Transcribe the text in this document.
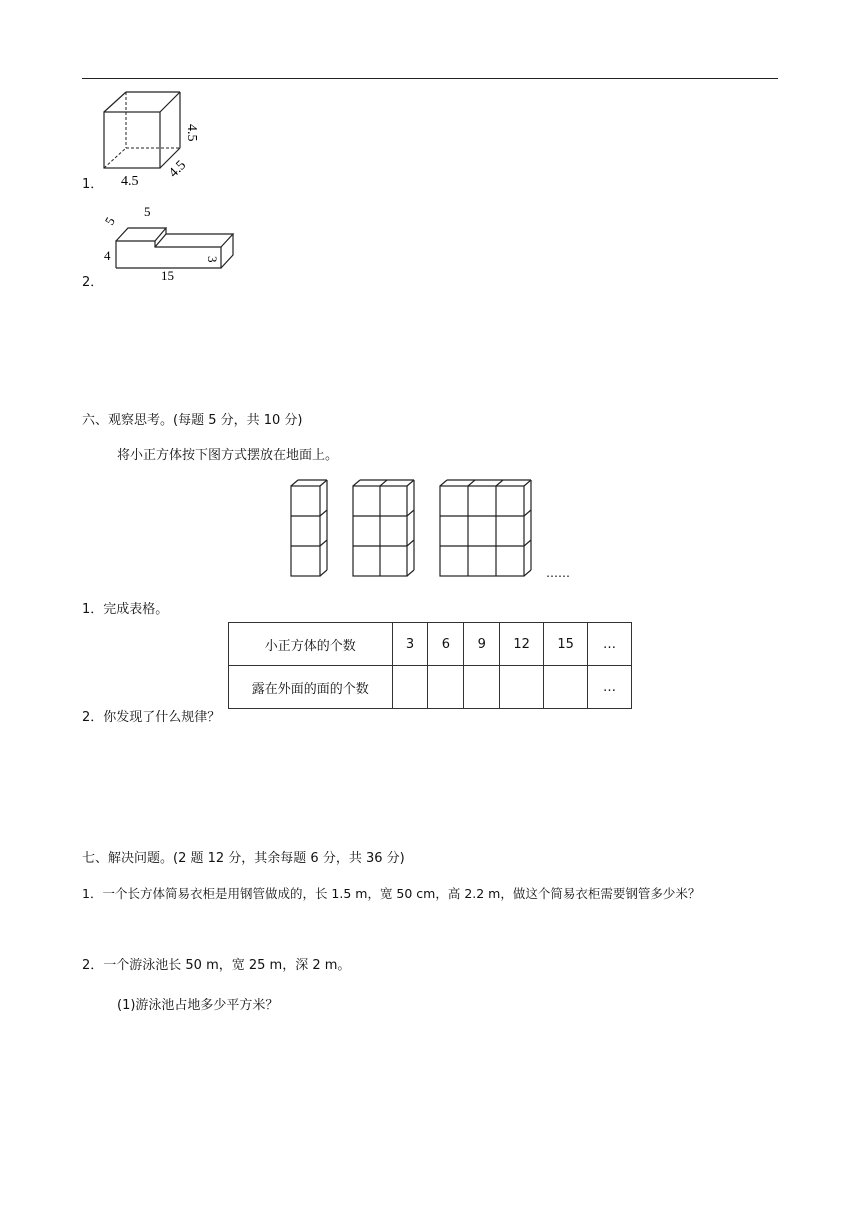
1．
4.5
4.5
4.5
2．
5
5
4	3
15
六、观察思考。(每题 5 分，共 10 分)
将小正方体按下图方式摆放在地面上。
……
1．完成表格。
小正方体的个数	3	6	9	12	15	…
露在外面的面的个数						…
2．你发现了什么规律？
七、解决问题。(2 题 12 分，其余每题 6 分，共 36 分)
1．一个长方体简易衣柜是用钢管做成的，长 1.5 m，宽 50 cm，高 2.2 m，做这个简易衣柜需要钢管多少米？
2．一个游泳池长 50 m，宽 25 m，深 2 m。
(1)游泳池占地多少平方米？
